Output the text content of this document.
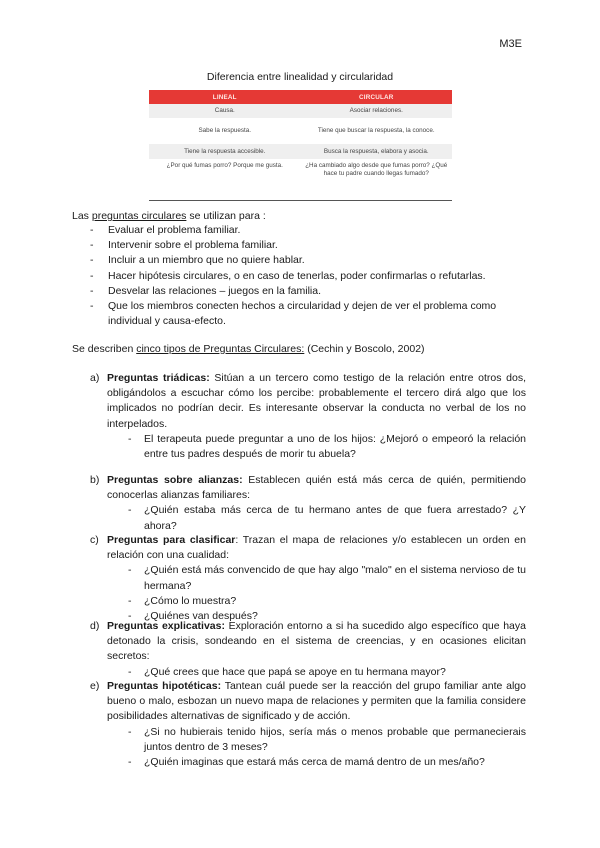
M3E
Diferencia entre linealidad y circularidad
LINEAL	CIRCULAR
Causa.	Asociar relaciones.
Sabe la respuesta.	Tiene que buscar la respuesta, la conoce.
Tiene la respuesta accesible.	Busca la respuesta, elabora y asocia.
¿Por qué fumas porro? Porque me gusta.	¿Ha cambiado algo desde que fumas porro? ¿Qué hace tu padre cuando llegas fumado?

Las preguntas circulares se utilizan para :

- Evaluar el problema familiar.
- Intervenir sobre el problema familiar.
- Incluir a un miembro que no quiere hablar.
- Hacer hipótesis circulares, o en caso de tenerlas, poder confirmarlas o refutarlas.
- Desvelar las relaciones – juegos en la familia.
- Que los miembros conecten hechos a circularidad y dejen de ver el problema como individual y causa-efecto.

Se describen cinco tipos de Preguntas Circulares: (Cechin y Boscolo, 2002)

a) Preguntas triádicas: Sitúan a un tercero como testigo de la relación entre otros dos, obligándolos a escuchar cómo los percibe: probablemente el tercero dirá algo que los implicados no podrían decir. Es interesante observar la conducta no verbal de los no interpelados.
- El terapeuta puede preguntar a uno de los hijos: ¿Mejoró o empeoró la relación entre tus padres después de morir tu abuela?
b) Preguntas sobre alianzas: Establecen quién está más cerca de quién, permitiendo conocerlas alianzas familiares:
- ¿Quién estaba más cerca de tu hermano antes de que fuera arrestado? ¿Y ahora?
c) Preguntas para clasificar: Trazan el mapa de relaciones y/o establecen un orden en relación con una cualidad:
- ¿Quién está más convencido de que hay algo "malo" en el sistema nervioso de tu hermana?
- ¿Cómo lo muestra?
- ¿Quiénes van después?
d) Preguntas explicativas: Exploración entorno a si ha sucedido algo específico que haya detonado la crisis, sondeando en el sistema de creencias, y en ocasiones elicitan secretos:
- ¿Qué crees que hace que papá se apoye en tu hermana mayor?
e) Preguntas hipotéticas: Tantean cuál puede ser la reacción del grupo familiar ante algo bueno o malo, esbozan un nuevo mapa de relaciones y permiten que la familia considere posibilidades alternativas de significado y de acción.
- ¿Si no hubierais tenido hijos, sería más o menos probable que permanecierais juntos dentro de 3 meses?
- ¿Quién imaginas que estará más cerca de mamá dentro de un mes/año?
